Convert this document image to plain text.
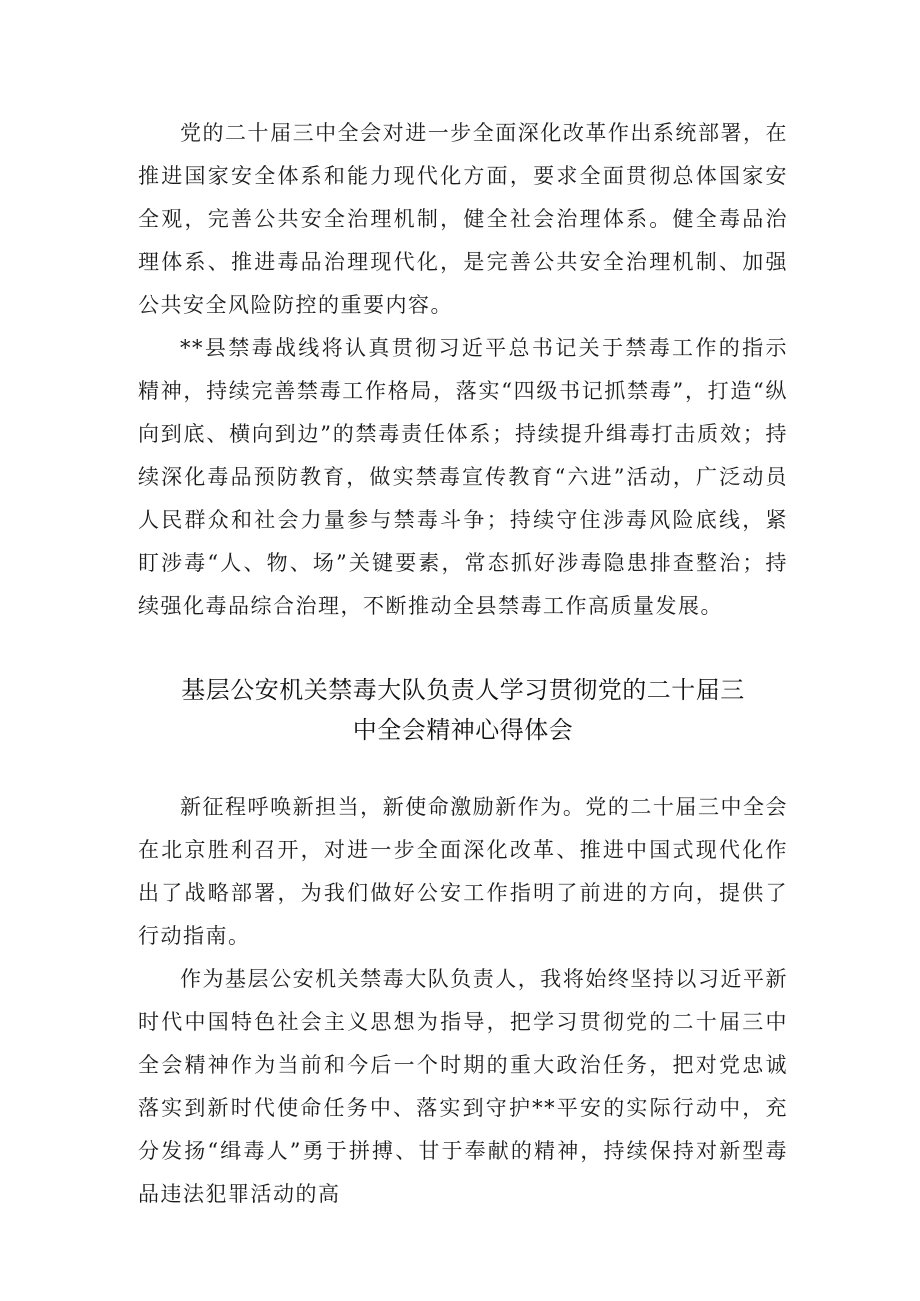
党的二十届三中全会对进一步全面深化改革作出系统部署，在推进国家安全体系和能力现代化方面，要求全面贯彻总体国家安全观，完善公共安全治理机制，健全社会治理体系。健全毒品治理体系、推进毒品治理现代化，是完善公共安全治理机制、加强公共安全风险防控的重要内容。

**县禁毒战线将认真贯彻习近平总书记关于禁毒工作的指示精神，持续完善禁毒工作格局，落实“四级书记抓禁毒”，打造“纵向到底、横向到边”的禁毒责任体系；持续提升缉毒打击质效；持续深化毒品预防教育，做实禁毒宣传教育“六进”活动，广泛动员人民群众和社会力量参与禁毒斗争；持续守住涉毒风险底线，紧盯涉毒“人、物、场”关键要素，常态抓好涉毒隐患排查整治；持续强化毒品综合治理，不断推动全县禁毒工作高质量发展。

基层公安机关禁毒大队负责人学习贯彻党的二十届三
中全会精神心得体会

新征程呼唤新担当，新使命激励新作为。党的二十届三中全会在北京胜利召开，对进一步全面深化改革、推进中国式现代化作出了战略部署，为我们做好公安工作指明了前进的方向，提供了行动指南。

作为基层公安机关禁毒大队负责人，我将始终坚持以习近平新时代中国特色社会主义思想为指导，把学习贯彻党的二十届三中全会精神作为当前和今后一个时期的重大政治任务，把对党忠诚落实到新时代使命任务中、落实到守护**平安的实际行动中，充分发扬“缉毒人”勇于拼搏、甘于奉献的精神，持续保持对新型毒品违法犯罪活动的高
